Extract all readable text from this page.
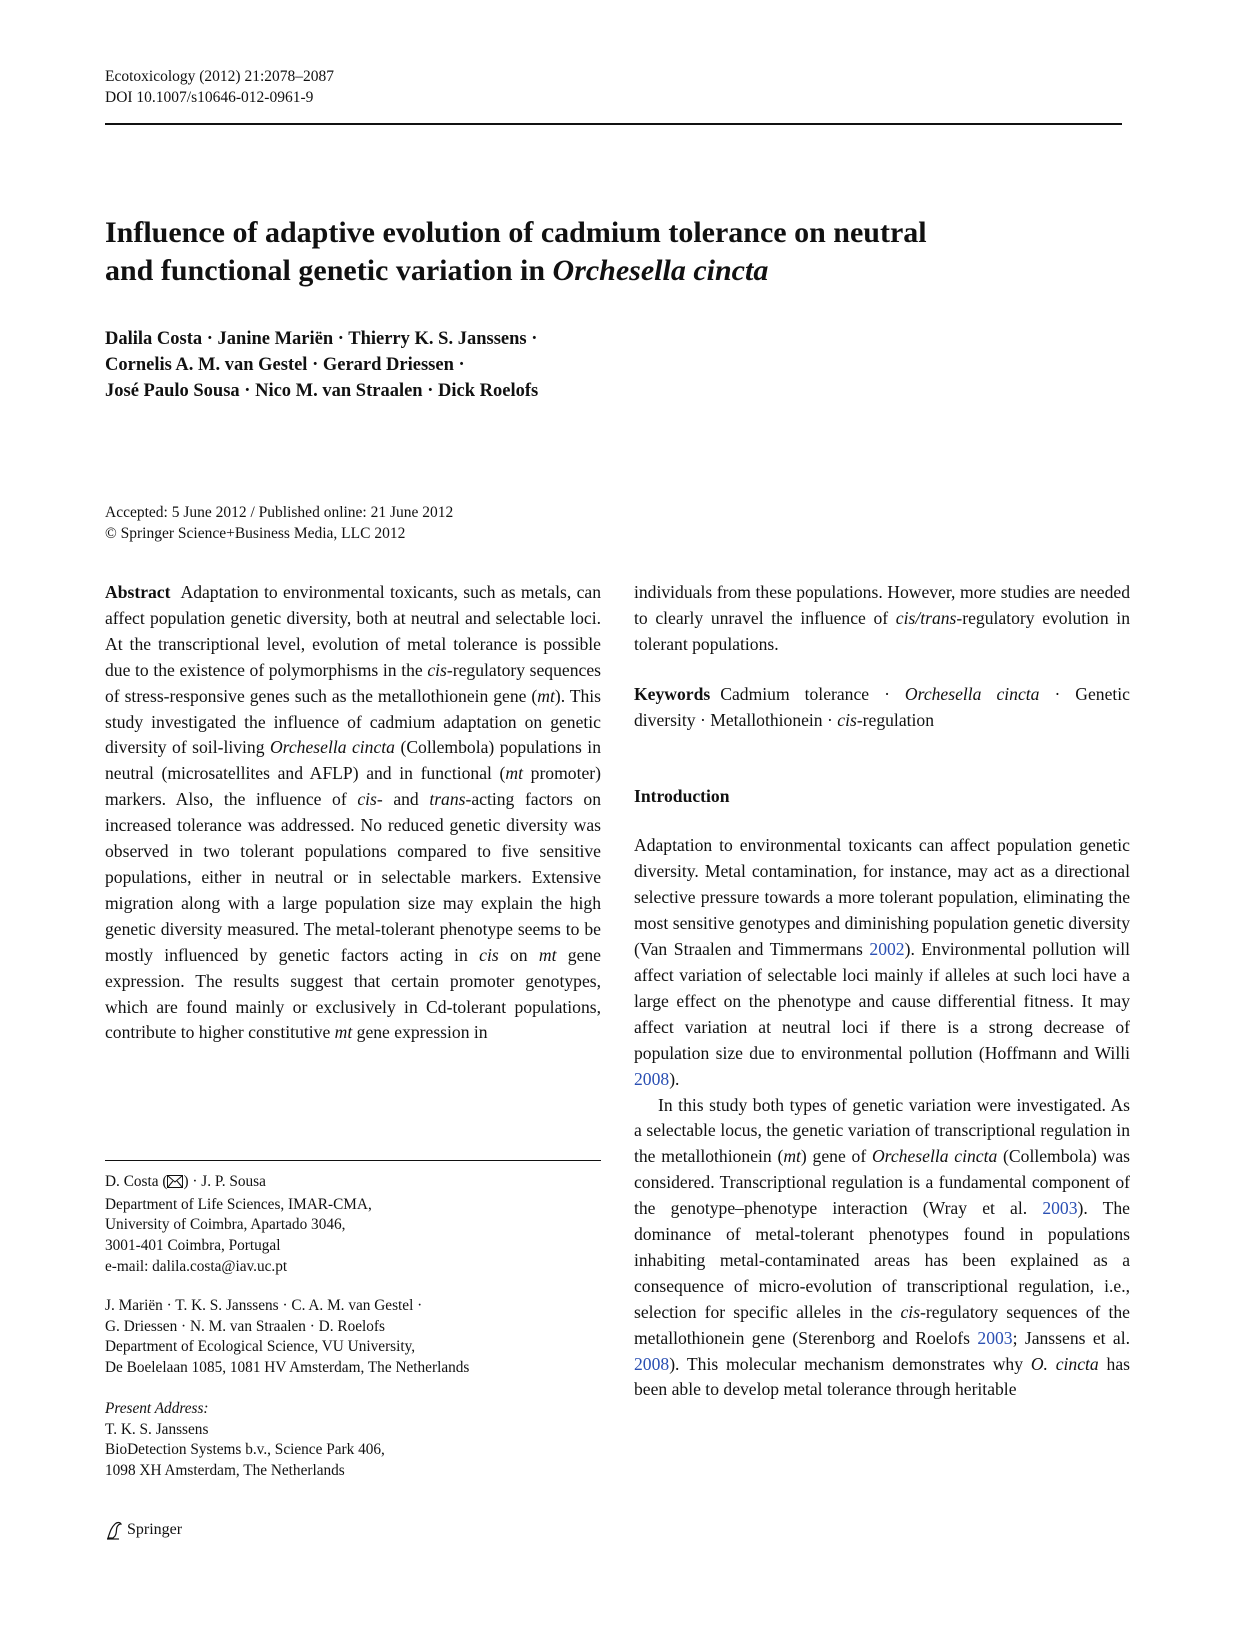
Ecotoxicology (2012) 21:2078–2087
DOI 10.1007/s10646-012-0961-9
Influence of adaptive evolution of cadmium tolerance on neutral
and functional genetic variation in Orchesella cincta
Dalila Costa · Janine Mariën · Thierry K. S. Janssens ·
Cornelis A. M. van Gestel · Gerard Driessen ·
José Paulo Sousa · Nico M. van Straalen · Dick Roelofs
Accepted: 5 June 2012 / Published online: 21 June 2012
© Springer Science+Business Media, LLC 2012

Abstract Adaptation to environmental toxicants, such as metals, can affect population genetic diversity, both at neutral and selectable loci. At the transcriptional level, evolution of metal tolerance is possible due to the existence of polymorphisms in the cis-regulatory sequences of stress-responsive genes such as the metallothionein gene (mt). This study investigated the influence of cadmium adaptation on genetic diversity of soil-living Orchesella cincta (Collembola) populations in neutral (microsatellites and AFLP) and in functional (mt promoter) markers. Also, the influence of cis- and trans-acting factors on increased tolerance was addressed. No reduced genetic diversity was observed in two tolerant populations compared to five sensitive populations, either in neutral or in selectable markers. Extensive migration along with a large population size may explain the high genetic diversity measured. The metal-tolerant phenotype seems to be mostly influenced by genetic factors acting in cis on mt gene expression. The results suggest that certain promoter genotypes, which are found mainly or exclusively in Cd-tolerant populations, contribute to higher constitutive mt gene expression in

individuals from these populations. However, more studies are needed to clearly unravel the influence of cis/trans-regulatory evolution in tolerant populations.

Keywords Cadmium tolerance · Orchesella cincta · Genetic diversity · Metallothionein · cis-regulation

Introduction

Adaptation to environmental toxicants can affect population genetic diversity. Metal contamination, for instance, may act as a directional selective pressure towards a more tolerant population, eliminating the most sensitive genotypes and diminishing population genetic diversity (Van Straalen and Timmermans 2002). Environmental pollution will affect variation of selectable loci mainly if alleles at such loci have a large effect on the phenotype and cause differential fitness. It may affect variation at neutral loci if there is a strong decrease of population size due to environmental pollution (Hoffmann and Willi 2008).

In this study both types of genetic variation were investigated. As a selectable locus, the genetic variation of transcriptional regulation in the metallothionein (mt) gene of Orchesella cincta (Collembola) was considered. Transcriptional regulation is a fundamental component of the genotype–phenotype interaction (Wray et al. 2003). The dominance of metal-tolerant phenotypes found in populations inhabiting metal-contaminated areas has been explained as a consequence of micro-evolution of transcriptional regulation, i.e., selection for specific alleles in the cis-regulatory sequences of the metallothionein gene (Sterenborg and Roelofs 2003; Janssens et al. 2008). This molecular mechanism demonstrates why O. cincta has been able to develop metal tolerance through heritable

D. Costa ( ) · J. P. Sousa

Department of Life Sciences, IMAR-CMA,

University of Coimbra, Apartado 3046,

3001-401 Coimbra, Portugal

e-mail: dalila.costa@iav.uc.pt

J. Mariën · T. K. S. Janssens · C. A. M. van Gestel ·

G. Driessen · N. M. van Straalen · D. Roelofs

Department of Ecological Science, VU University,

De Boelelaan 1085, 1081 HV Amsterdam, The Netherlands

Present Address:

T. K. S. Janssens

BioDetection Systems b.v., Science Park 406,

1098 XH Amsterdam, The Netherlands

Springer
